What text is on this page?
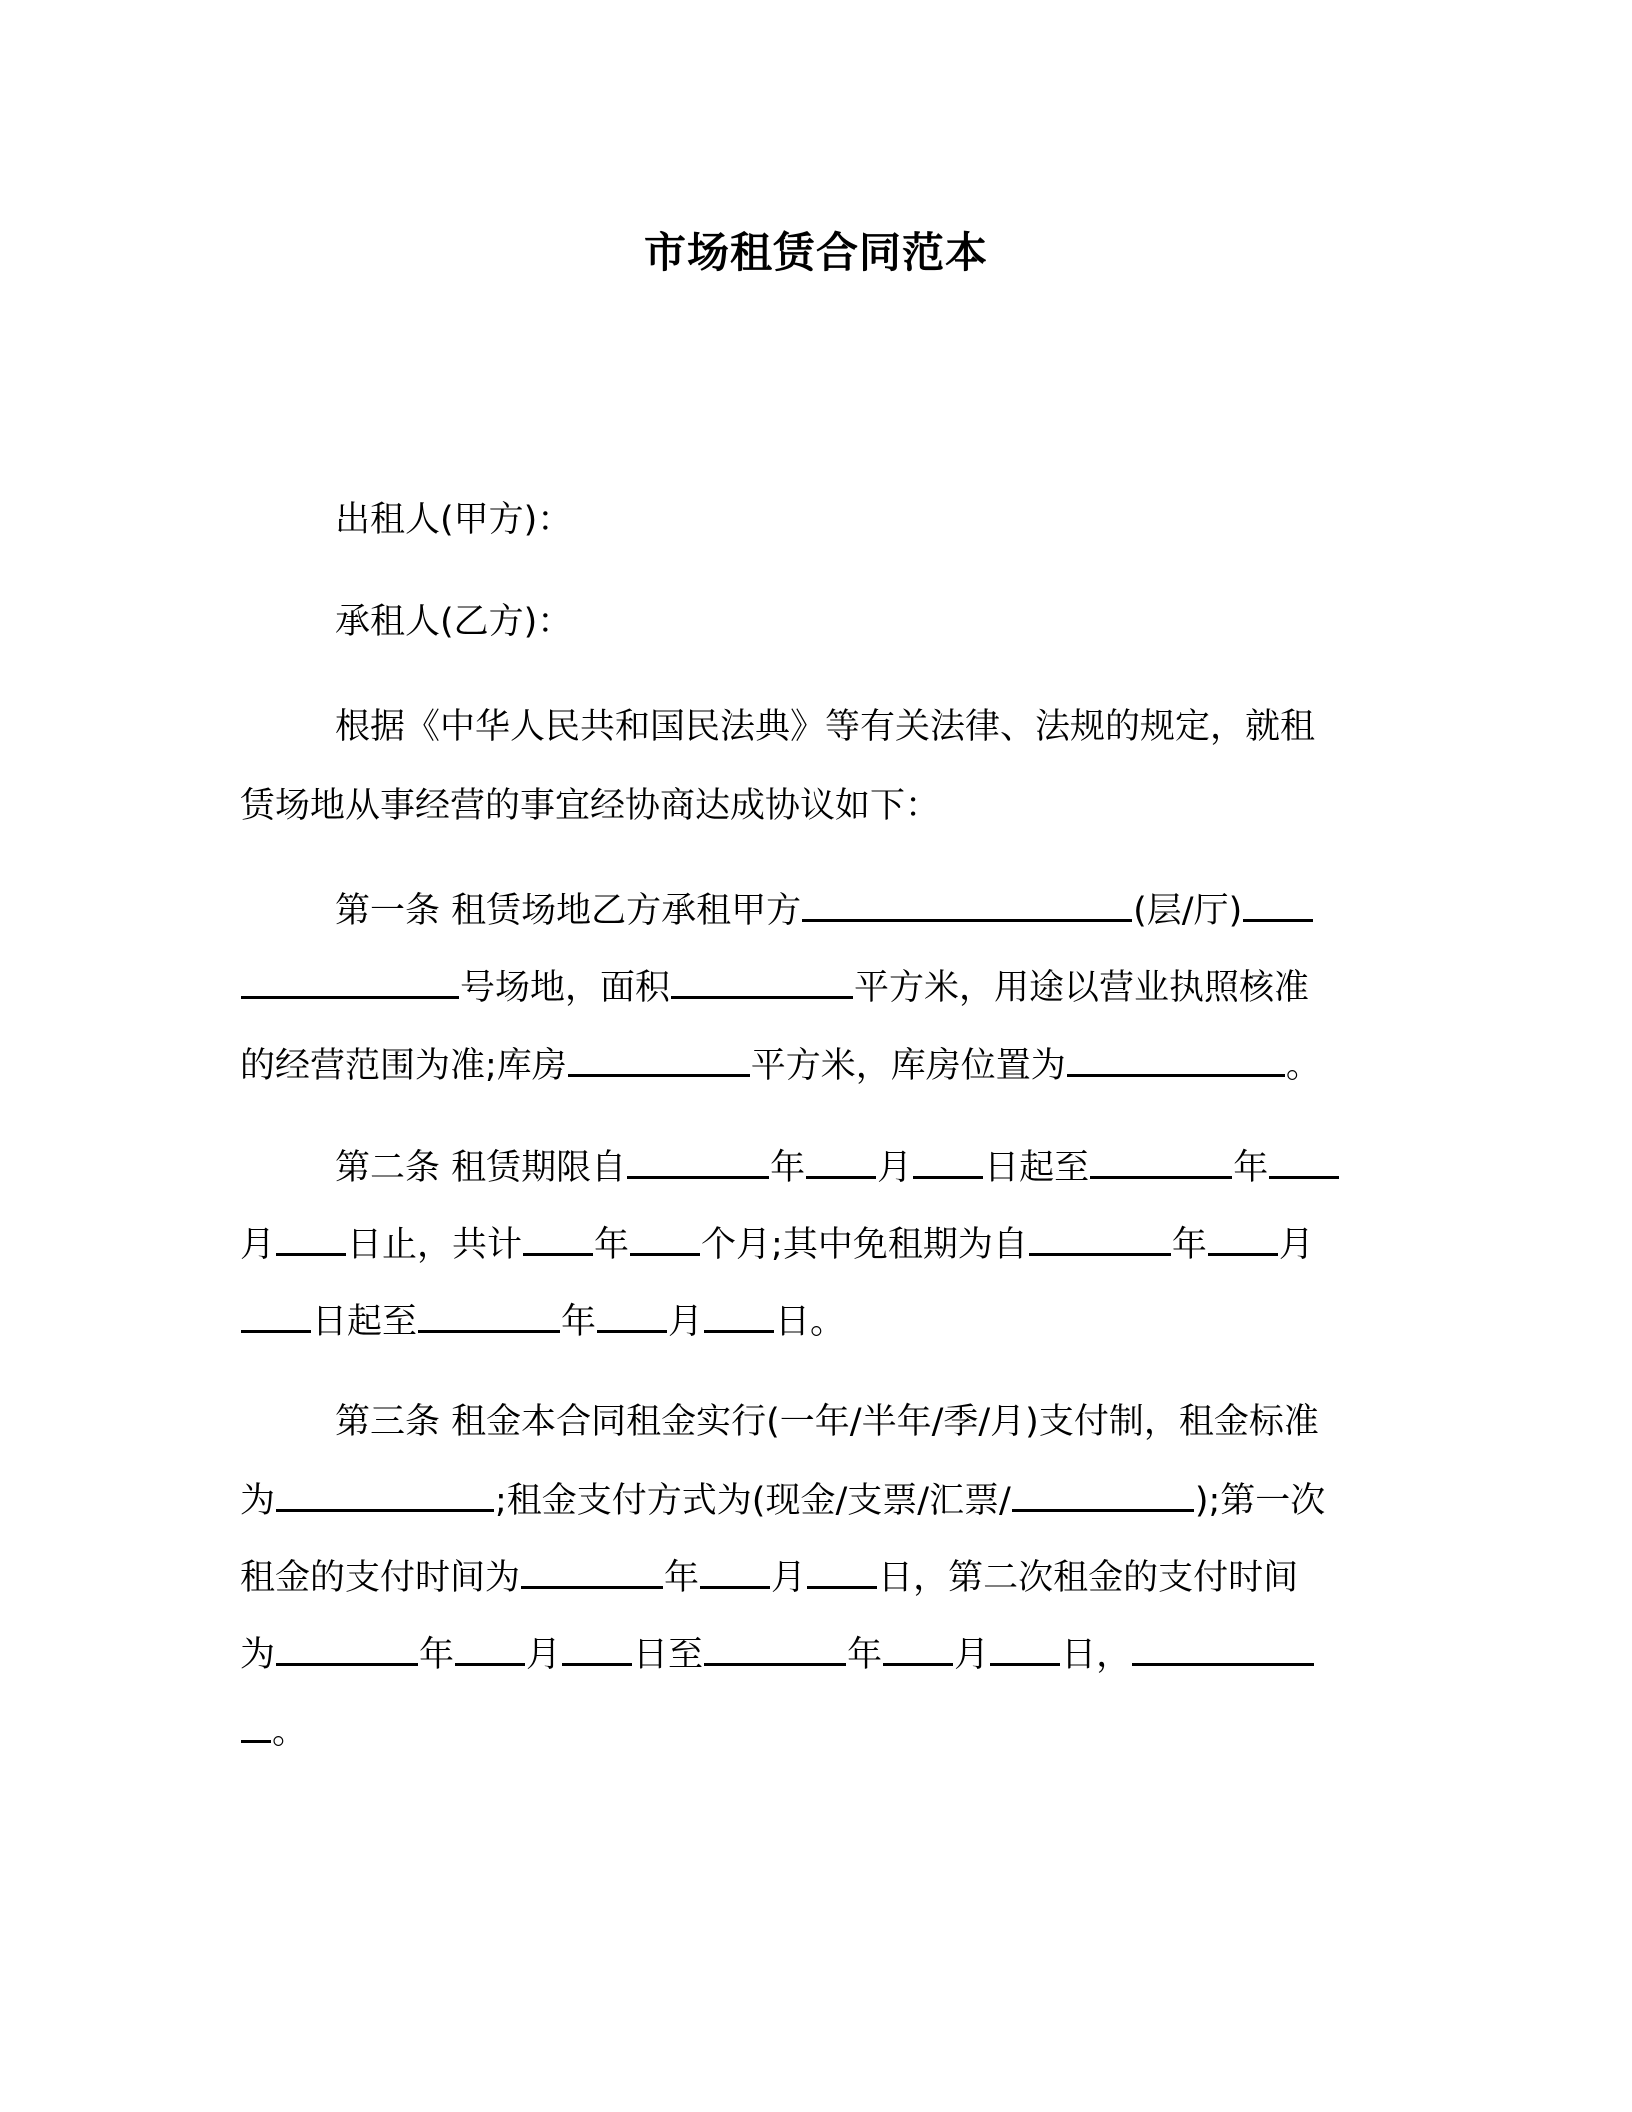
市场租赁合同范本
出租人(甲方)：
承租人(乙方)：
根据《中华人民共和国民法典》等有关法律、法规的规定，就租
赁场地从事经营的事宜经协商达成协议如下：
第一条 租赁场地乙方承租甲方	(层/厅)
号场地，面积	平方米，用途以营业执照核准
的经营范围为准;库房	平方米，库房位置为	。
第二条 租赁期限自	年 月 日起至	年
月 日止，共计 年 个月;其中免租期为自	年 月
日起至	年 月 日。
第三条 租金本合同租金实行(一年/半年/季/月)支付制，租金标准
为	;租金支付方式为(现金/支票/汇票/	);第一次
租金的支付时间为	年 月 日，第二次租金的支付时间
为	年 月 日至	年 月 日，
。
